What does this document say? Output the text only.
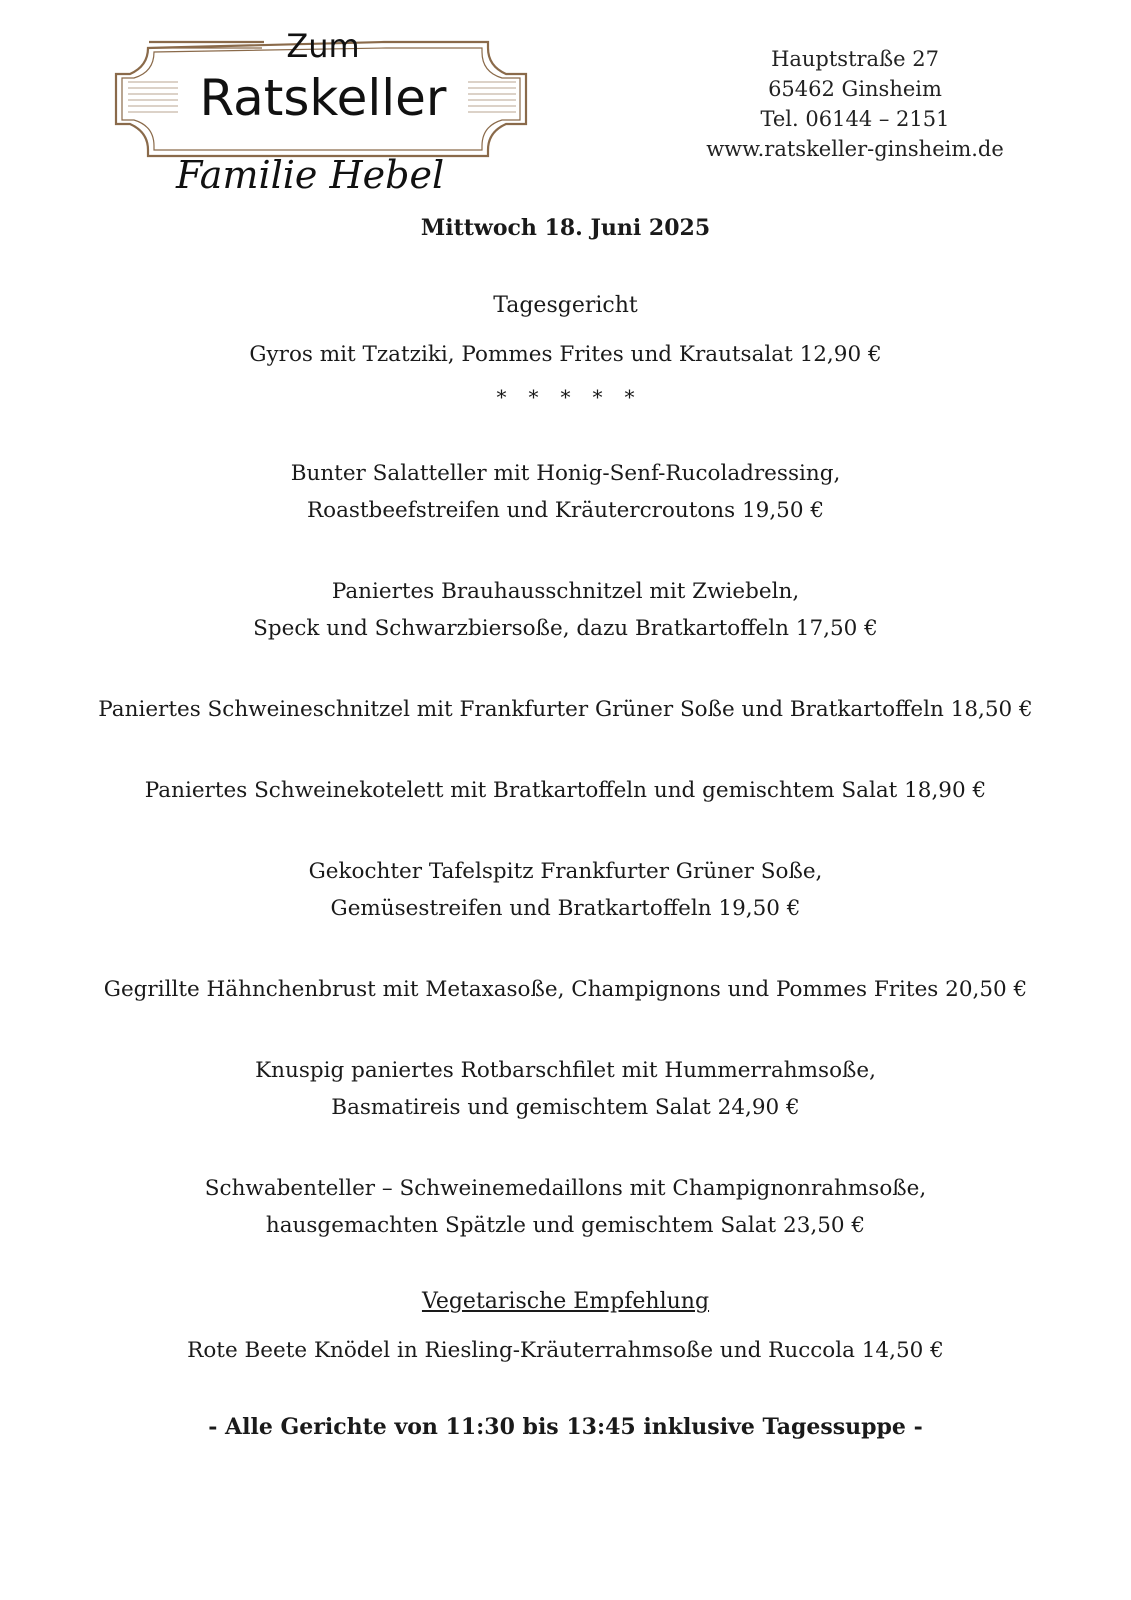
Zum
Ratskeller
Familie Hebel
Hauptstraße 27
65462 Ginsheim
Tel. 06144 – 2151
www.ratskeller-ginsheim.de
Mittwoch 18. Juni 2025
Tagesgericht
Gyros mit Tzatziki, Pommes Frites und Krautsalat 12,90 €
*****
Bunter Salatteller mit Honig-Senf-Rucoladressing,
Roastbeefstreifen und Kräutercroutons 19,50 €
Paniertes Brauhausschnitzel mit Zwiebeln,
Speck und Schwarzbiersoße, dazu Bratkartoffeln 17,50 €
Paniertes Schweineschnitzel mit Frankfurter Grüner Soße und Bratkartoffeln 18,50 €
Paniertes Schweinekotelett mit Bratkartoffeln und gemischtem Salat 18,90 €
Gekochter Tafelspitz Frankfurter Grüner Soße,
Gemüsestreifen und Bratkartoffeln 19,50 €
Gegrillte Hähnchenbrust mit Metaxasoße, Champignons und Pommes Frites 20,50 €
Knuspig paniertes Rotbarschfilet mit Hummerrahmsoße,
Basmatireis und gemischtem Salat 24,90 €
Schwabenteller – Schweinemedaillons mit Champignonrahmsoße,
hausgemachten Spätzle und gemischtem Salat 23,50 €
Vegetarische Empfehlung
Rote Beete Knödel in Riesling-Kräuterrahmsoße und Ruccola 14,50 €
- Alle Gerichte von 11:30 bis 13:45 inklusive Tagessuppe -
